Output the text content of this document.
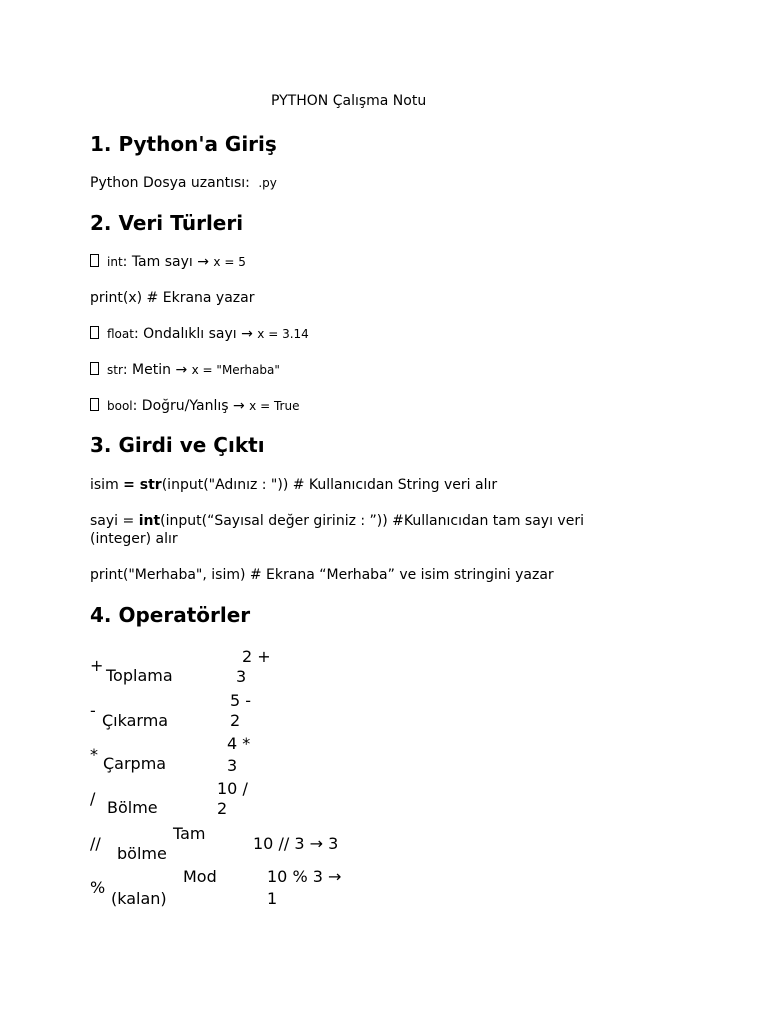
PYTHON Çalışma Notu
1. Python'a Giriş
Python Dosya uzantısı: .py
2. Veri Türleri
int: Tam sayı → x = 5
print(x) # Ekrana yazar
float: Ondalıklı sayı → x = 3.14
str: Metin → x = "Merhaba"
bool: Doğru/Yanlış → x = True
3. Girdi ve Çıktı
isim = str(input("Adınız : ")) # Kullanıcıdan String veri alır
sayi = int(input(“Sayısal değer giriniz : ”)) #Kullanıcıdan tam sayı veri
(integer) alır
print("Merhaba", isim) # Ekrana “Merhaba” ve isim stringini yazar
4. Operatörler
+
Toplama
2 +
3
-
Çıkarma
5 -
2
* Çarpma
4 *
3
/ Bölme
10 /
2
//
Tam
bölme
10 // 3 → 3
%
Mod
(kalan)
10 % 3 →
1
